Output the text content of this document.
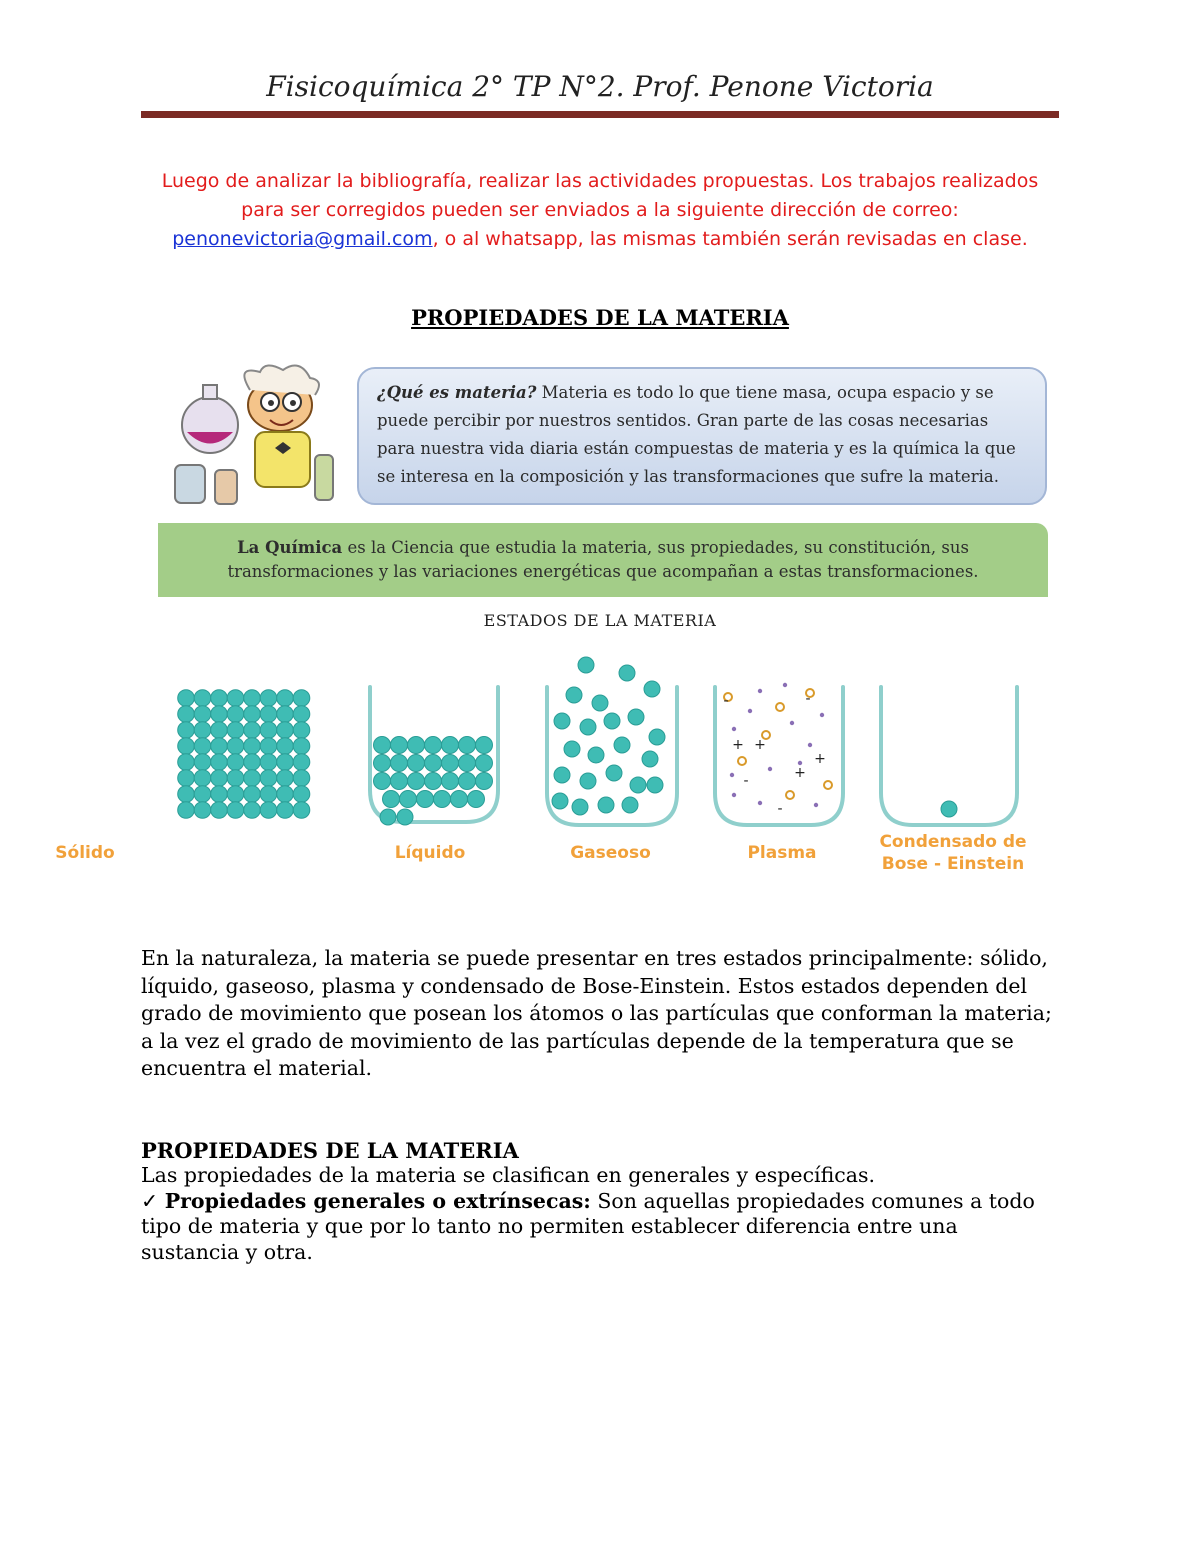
Fisicoquímica 2° TP N°2. Prof. Penone Victoria
Luego de analizar la bibliografía, realizar las actividades propuestas. Los trabajos realizados para ser corregidos pueden ser enviados a la siguiente dirección de correo: penonevictoria@gmail.com, o al whatsapp, las mismas también serán revisadas en clase.
PROPIEDADES DE LA MATERIA
¿Qué es materia? Materia es todo lo que tiene masa, ocupa espacio y se puede percibir por nuestros sentidos. Gran parte de las cosas necesarias para nuestra vida diaria están compuestas de materia y es la química la que se interesa en la composición y las transformaciones que sufre la materia.
La Química es la Ciencia que estudia la materia, sus propiedades, su constitución, sus transformaciones y las variaciones energéticas que acompañan a estas transformaciones.
ESTADOS DE LA MATERIA
-
+
-
+
-
-
+
+
Sólido	Líquido	Gaseoso	Plasma
Condensado de
Bose - Einstein
En la naturaleza, la materia se puede presentar en tres estados principalmente: sólido, líquido, gaseoso, plasma y condensado de Bose-Einstein. Estos estados dependen del grado de movimiento que posean los átomos o las partículas que conforman la materia; a la vez el grado de movimiento de las partículas depende de la temperatura que se encuentra el material.
PROPIEDADES DE LA MATERIA
Las propiedades de la materia se clasifican en generales y específicas.
✓ Propiedades generales o extrínsecas: Son aquellas propiedades comunes a todo tipo de materia y que por lo tanto no permiten establecer diferencia entre una sustancia y otra.
